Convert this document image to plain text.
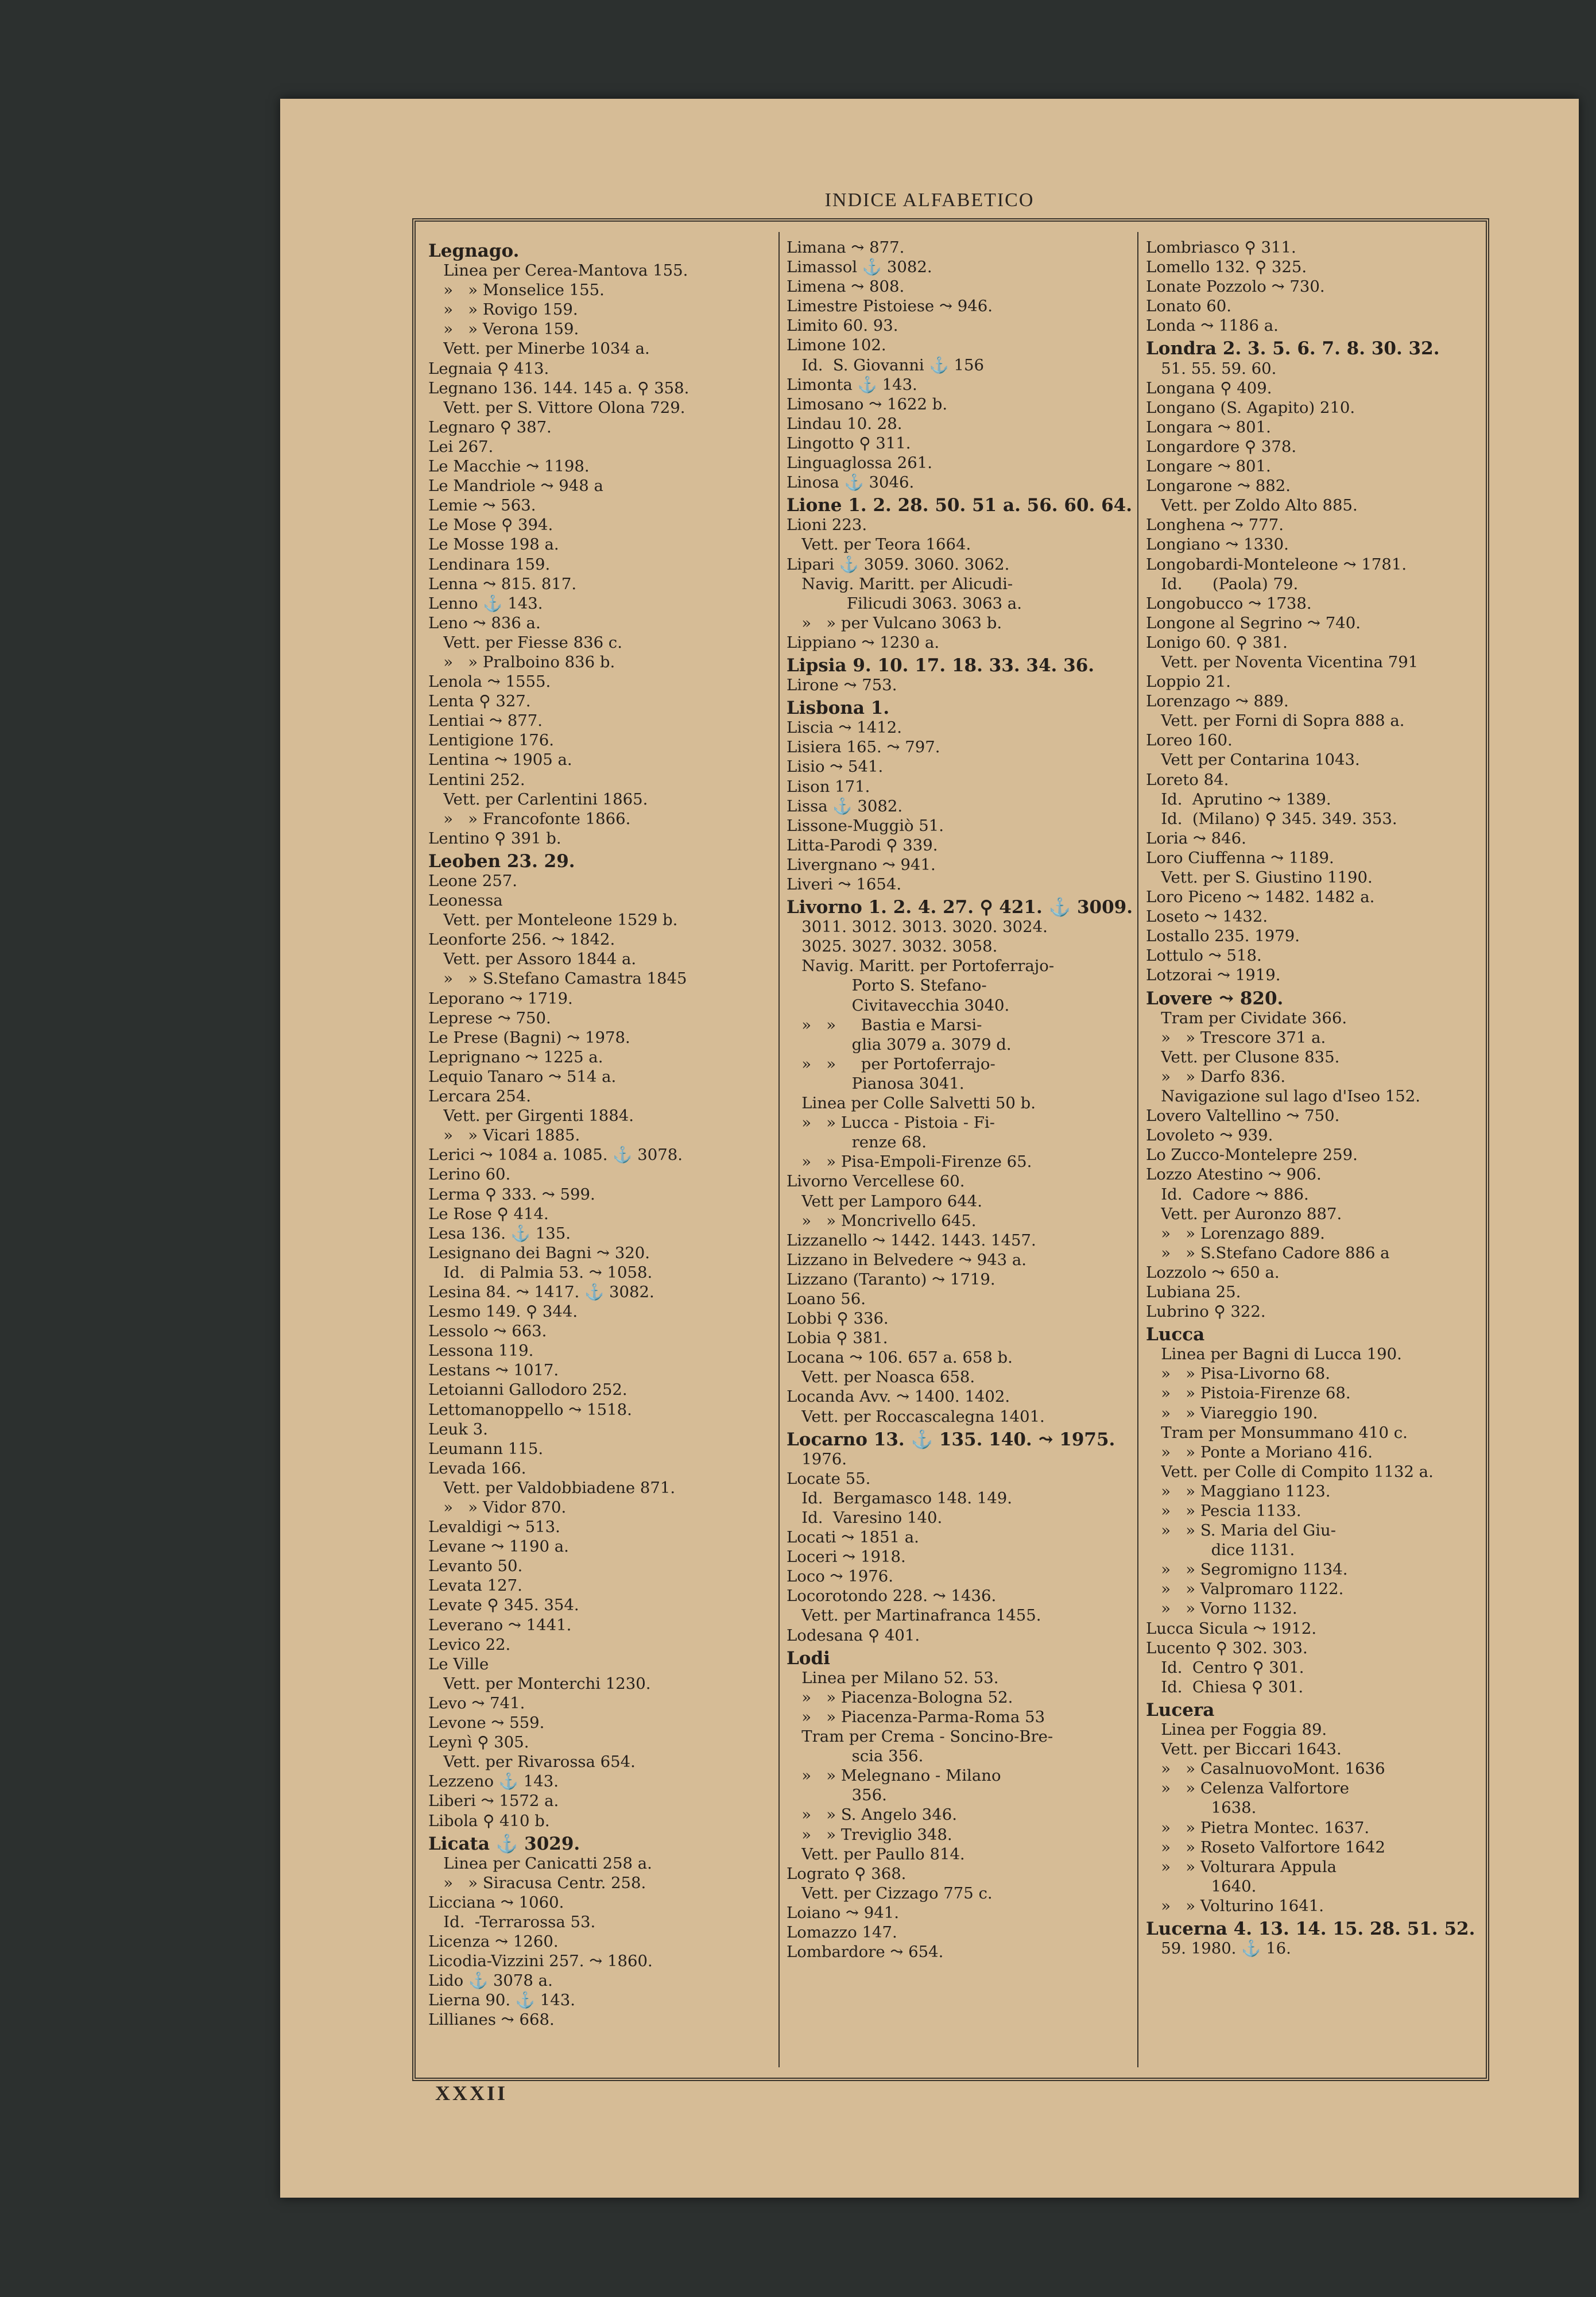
INDICE ALFABETICO
Legnago.
Linea per Cerea-Mantova 155.
»   » Monselice 155.
»   » Rovigo 159.
»   » Verona 159.
Vett. per Minerbe 1034 a.
Legnaia ⚲ 413.
Legnano 136. 144. 145 a. ⚲ 358.
Vett. per S. Vittore Olona 729.
Legnaro ⚲ 387.
Lei 267.
Le Macchie ⤳ 1198.
Le Mandriole ⤳ 948 a
Lemie ⤳ 563.
Le Mose ⚲ 394.
Le Mosse 198 a.
Lendinara 159.
Lenna ⤳ 815. 817.
Lenno ⚓ 143.
Leno ⤳ 836 a.
Vett. per Fiesse 836 c.
»   » Pralboino 836 b.
Lenola ⤳ 1555.
Lenta ⚲ 327.
Lentiai ⤳ 877.
Lentigione 176.
Lentina ⤳ 1905 a.
Lentini 252.
Vett. per Carlentini 1865.
»   » Francofonte 1866.
Lentino ⚲ 391 b.
Leoben 23. 29.
Leone 257.
Leonessa
Vett. per Monteleone 1529 b.
Leonforte 256. ⤳ 1842.
Vett. per Assoro 1844 a.
»   » S.Stefano Camastra 1845
Leporano ⤳ 1719.
Leprese ⤳ 750.
Le Prese (Bagni) ⤳ 1978.
Leprignano ⤳ 1225 a.
Lequio Tanaro ⤳ 514 a.
Lercara 254.
Vett. per Girgenti 1884.
»   » Vicari 1885.
Lerici ⤳ 1084 a. 1085. ⚓ 3078.
Lerino 60.
Lerma ⚲ 333. ⤳ 599.
Le Rose ⚲ 414.
Lesa 136. ⚓ 135.
Lesignano dei Bagni ⤳ 320.
Id.   di Palmia 53. ⤳ 1058.
Lesina 84. ⤳ 1417. ⚓ 3082.
Lesmo 149. ⚲ 344.
Lessolo ⤳ 663.
Lessona 119.
Lestans ⤳ 1017.
Letoianni Gallodoro 252.
Lettomanoppello ⤳ 1518.
Leuk 3.
Leumann 115.
Levada 166.
Vett. per Valdobbiadene 871.
»   » Vidor 870.
Levaldigi ⤳ 513.
Levane ⤳ 1190 a.
Levanto 50.
Levata 127.
Levate ⚲ 345. 354.
Leverano ⤳ 1441.
Levico 22.
Le Ville
Vett. per Monterchi 1230.
Levo ⤳ 741.
Levone ⤳ 559.
Leynì ⚲ 305.
Vett. per Rivarossa 654.
Lezzeno ⚓ 143.
Liberi ⤳ 1572 a.
Libola ⚲ 410 b.
Licata ⚓ 3029.
Linea per Canicatti 258 a.
»   » Siracusa Centr. 258.
Licciana ⤳ 1060.
Id.  -Terrarossa 53.
Licenza ⤳ 1260.
Licodia-Vizzini 257. ⤳ 1860.
Lido ⚓ 3078 a.
Lierna 90. ⚓ 143.
Lillianes ⤳ 668.
Limana ⤳ 877.
Limassol ⚓ 3082.
Limena ⤳ 808.
Limestre Pistoiese ⤳ 946.
Limito 60. 93.
Limone 102.
Id.  S. Giovanni ⚓ 156
Limonta ⚓ 143.
Limosano ⤳ 1622 b.
Lindau 10. 28.
Lingotto ⚲ 311.
Linguaglossa 261.
Linosa ⚓ 3046.
Lione 1. 2. 28. 50. 51 a. 56. 60. 64.
Lioni 223.
Vett. per Teora 1664.
Lipari ⚓ 3059. 3060. 3062.
Navig. Maritt. per Alicudi-
Filicudi 3063. 3063 a.
»   » per Vulcano 3063 b.
Lippiano ⤳ 1230 a.
Lipsia 9. 10. 17. 18. 33. 34. 36.
Lirone ⤳ 753.
Lisbona 1.
Liscia ⤳ 1412.
Lisiera 165. ⤳ 797.
Lisio ⤳ 541.
Lison 171.
Lissa ⚓ 3082.
Lissone-Muggiò 51.
Litta-Parodi ⚲ 339.
Livergnano ⤳ 941.
Liveri ⤳ 1654.
Livorno 1. 2. 4. 27. ⚲ 421. ⚓ 3009.
3011. 3012. 3013. 3020. 3024.
3025. 3027. 3032. 3058.
Navig. Maritt. per Portoferrajo-
Porto S. Stefano-
Civitavecchia 3040.
»   »     Bastia e Marsi-
glia 3079 a. 3079 d.
»   »     per Portoferrajo-
Pianosa 3041.
Linea per Colle Salvetti 50 b.
»   » Lucca - Pistoia - Fi-
renze 68.
»   » Pisa-Empoli-Firenze 65.
Livorno Vercellese 60.
Vett per Lamporo 644.
»   » Moncrivello 645.
Lizzanello ⤳ 1442. 1443. 1457.
Lizzano in Belvedere ⤳ 943 a.
Lizzano (Taranto) ⤳ 1719.
Loano 56.
Lobbi ⚲ 336.
Lobia ⚲ 381.
Locana ⤳ 106. 657 a. 658 b.
Vett. per Noasca 658.
Locanda Avv. ⤳ 1400. 1402.
Vett. per Roccascalegna 1401.
Locarno 13. ⚓ 135. 140. ⤳ 1975.
1976.
Locate 55.
Id.  Bergamasco 148. 149.
Id.  Varesino 140.
Locati ⤳ 1851 a.
Loceri ⤳ 1918.
Loco ⤳ 1976.
Locorotondo 228. ⤳ 1436.
Vett. per Martinafranca 1455.
Lodesana ⚲ 401.
Lodi
Linea per Milano 52. 53.
»   » Piacenza-Bologna 52.
»   » Piacenza-Parma-Roma 53
Tram per Crema - Soncino-Bre-
scia 356.
»   » Melegnano - Milano
356.
»   » S. Angelo 346.
»   » Treviglio 348.
Vett. per Paullo 814.
Lograto ⚲ 368.
Vett. per Cizzago 775 c.
Loiano ⤳ 941.
Lomazzo 147.
Lombardore ⤳ 654.
Lombriasco ⚲ 311.
Lomello 132. ⚲ 325.
Lonate Pozzolo ⤳ 730.
Lonato 60.
Londa ⤳ 1186 a.
Londra 2. 3. 5. 6. 7. 8. 30. 32.
51. 55. 59. 60.
Longana ⚲ 409.
Longano (S. Agapito) 210.
Longara ⤳ 801.
Longardore ⚲ 378.
Longare ⤳ 801.
Longarone ⤳ 882.
Vett. per Zoldo Alto 885.
Longhena ⤳ 777.
Longiano ⤳ 1330.
Longobardi-Monteleone ⤳ 1781.
Id.      (Paola) 79.
Longobucco ⤳ 1738.
Longone al Segrino ⤳ 740.
Lonigo 60. ⚲ 381.
Vett. per Noventa Vicentina 791
Loppio 21.
Lorenzago ⤳ 889.
Vett. per Forni di Sopra 888 a.
Loreo 160.
Vett per Contarina 1043.
Loreto 84.
Id.  Aprutino ⤳ 1389.
Id.  (Milano) ⚲ 345. 349. 353.
Loria ⤳ 846.
Loro Ciuffenna ⤳ 1189.
Vett. per S. Giustino 1190.
Loro Piceno ⤳ 1482. 1482 a.
Loseto ⤳ 1432.
Lostallo 235. 1979.
Lottulo ⤳ 518.
Lotzorai ⤳ 1919.
Lovere ⤳ 820.
Tram per Cividate 366.
»   » Trescore 371 a.
Vett. per Clusone 835.
»   » Darfo 836.
Navigazione sul lago d'Iseo 152.
Lovero Valtellino ⤳ 750.
Lovoleto ⤳ 939.
Lo Zucco-Montelepre 259.
Lozzo Atestino ⤳ 906.
Id.  Cadore ⤳ 886.
Vett. per Auronzo 887.
»   » Lorenzago 889.
»   » S.Stefano Cadore 886 a
Lozzolo ⤳ 650 a.
Lubiana 25.
Lubrino ⚲ 322.
Lucca
Linea per Bagni di Lucca 190.
»   » Pisa-Livorno 68.
»   » Pistoia-Firenze 68.
»   » Viareggio 190.
Tram per Monsummano 410 c.
»   » Ponte a Moriano 416.
Vett. per Colle di Compito 1132 a.
»   » Maggiano 1123.
»   » Pescia 1133.
»   » S. Maria del Giu-
dice 1131.
»   » Segromigno 1134.
»   » Valpromaro 1122.
»   » Vorno 1132.
Lucca Sicula ⤳ 1912.
Lucento ⚲ 302. 303.
Id.  Centro ⚲ 301.
Id.  Chiesa ⚲ 301.
Lucera
Linea per Foggia 89.
Vett. per Biccari 1643.
»   » CasalnuovoMont. 1636
»   » Celenza Valfortore
1638.
»   » Pietra Montec. 1637.
»   » Roseto Valfortore 1642
»   » Volturara Appula
1640.
»   » Volturino 1641.
Lucerna 4. 13. 14. 15. 28. 51. 52.
59. 1980. ⚓ 16.
XXXII
